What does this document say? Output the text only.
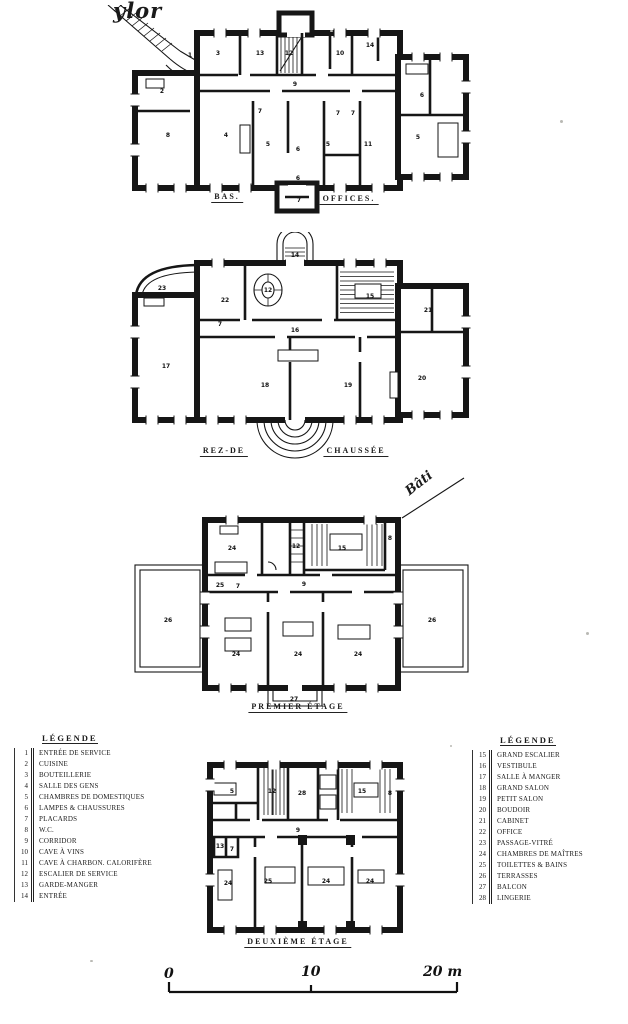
ylor
1	3	13	12	10
14
2
9
8	4
7
5
6
7 7
5	11
6
5
6
7
BAS.	OFFICES.
14
23
22
12
15
7
16
17
18	19
21
20
REZ-DE	CHAUSSÉE
24	12	15
8
25 7	9
26	26
24	24	24
27
Bâti
PREMIER ÉTAGE
5	12	28	15	8
13 7
9
24	25	24	24
DEUXIÈME ÉTAGE
LÉGENDE
1	ENTRÉE DE SERVICE
2	CUISINE
3	BOUTEILLERIE
4	SALLE DES GENS
5	CHAMBRES DE DOMESTIQUES
6	LAMPES & CHAUSSURES
7	PLACARDS
8	W.C.
9	CORRIDOR
10	CAVE À VINS
11	CAVE À CHARBON. CALORIFÈRE
12	ESCALIER DE SERVICE
13	GARDE-MANGER
14	ENTRÉE
LÉGENDE
15	GRAND ESCALIER
16	VESTIBULE
17	SALLE À MANGER
18	GRAND SALON
19	PETIT SALON
20	BOUDOIR
21	CABINET
22	OFFICE
23	PASSAGE-VITRÉ
24	CHAMBRES DE MAÎTRES
25	TOILETTES & BAINS
26	TERRASSES
27	BALCON
28	LINGERIE
0	10	20 m
